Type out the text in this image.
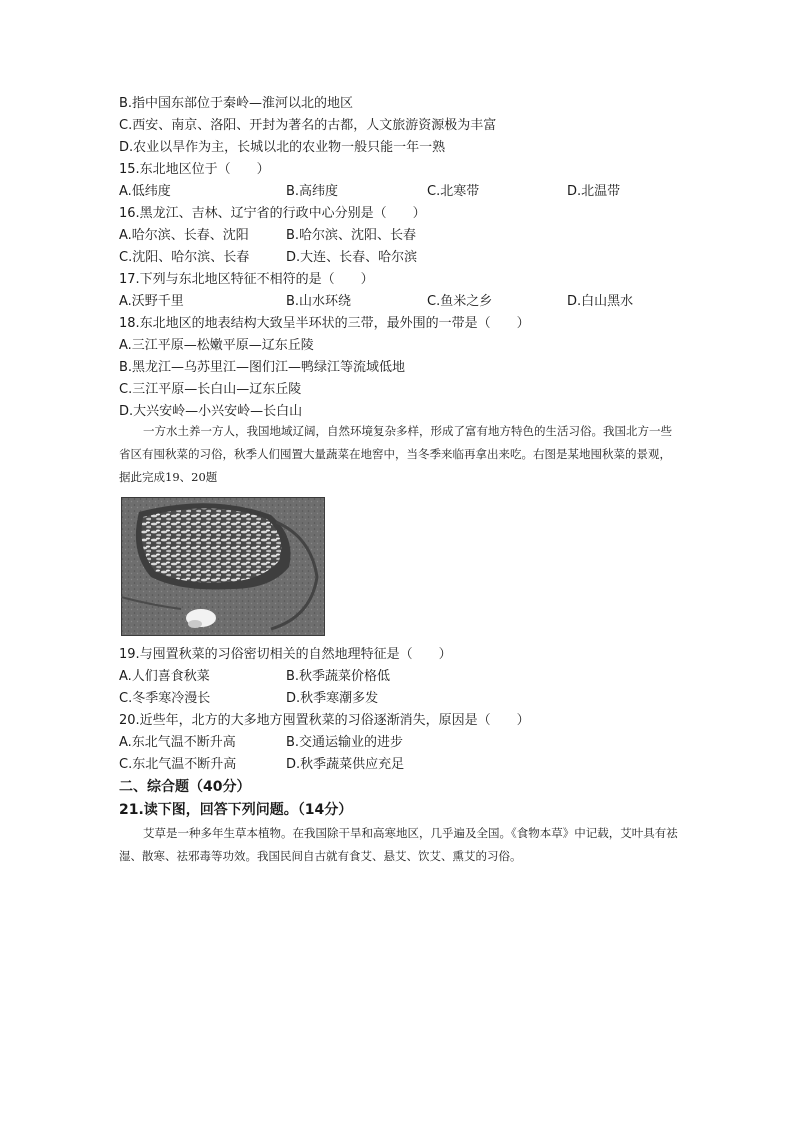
B.指中国东部位于秦岭—淮河以北的地区
C.西安、南京、洛阳、开封为著名的古都，人文旅游资源极为丰富
D.农业以旱作为主，长城以北的农业物一般只能一年一熟
15.东北地区位于（　　）
A.低纬度	B.高纬度	C.北寒带	D.北温带
16.黑龙江、吉林、辽宁省的行政中心分别是（　　）
A.哈尔滨、长春、沈阳	B.哈尔滨、沈阳、长春
C.沈阳、哈尔滨、长春	D.大连、长春、哈尔滨
17.下列与东北地区特征不相符的是（　　）
A.沃野千里	B.山水环绕	C.鱼米之乡	D.白山黑水
18.东北地区的地表结构大致呈半环状的三带，最外围的一带是（　　）
A.三江平原—松嫩平原—辽东丘陵
B.黑龙江—乌苏里江—图们江—鸭绿江等流域低地
C.三江平原—长白山—辽东丘陵
D.大兴安岭—小兴安岭—长白山
一方水土养一方人，我国地域辽阔，自然环境复杂多样，形成了富有地方特色的生活习俗。我国北方一些省区有囤秋菜的习俗，秋季人们囤置大量蔬菜在地窖中，当冬季来临再拿出来吃。右图是某地囤秋菜的景观，据此完成19、20题
19.与囤置秋菜的习俗密切相关的自然地理特征是（　　）
A.人们喜食秋菜	B.秋季蔬菜价格低
C.冬季寒冷漫长	D.秋季寒潮多发
20.近些年，北方的大多地方囤置秋菜的习俗逐渐消失，原因是（　　）
A.东北气温不断升高	B.交通运输业的进步
C.东北气温不断升高	D.秋季蔬菜供应充足
二、综合题（40分）
21.读下图，回答下列问题。（14分）
艾草是一种多年生草本植物。在我国除干旱和高寒地区，几乎遍及全国。《食物本草》中记载，艾叶具有祛湿、散寒、祛邪毒等功效。我国民间自古就有食艾、悬艾、饮艾、熏艾的习俗。
